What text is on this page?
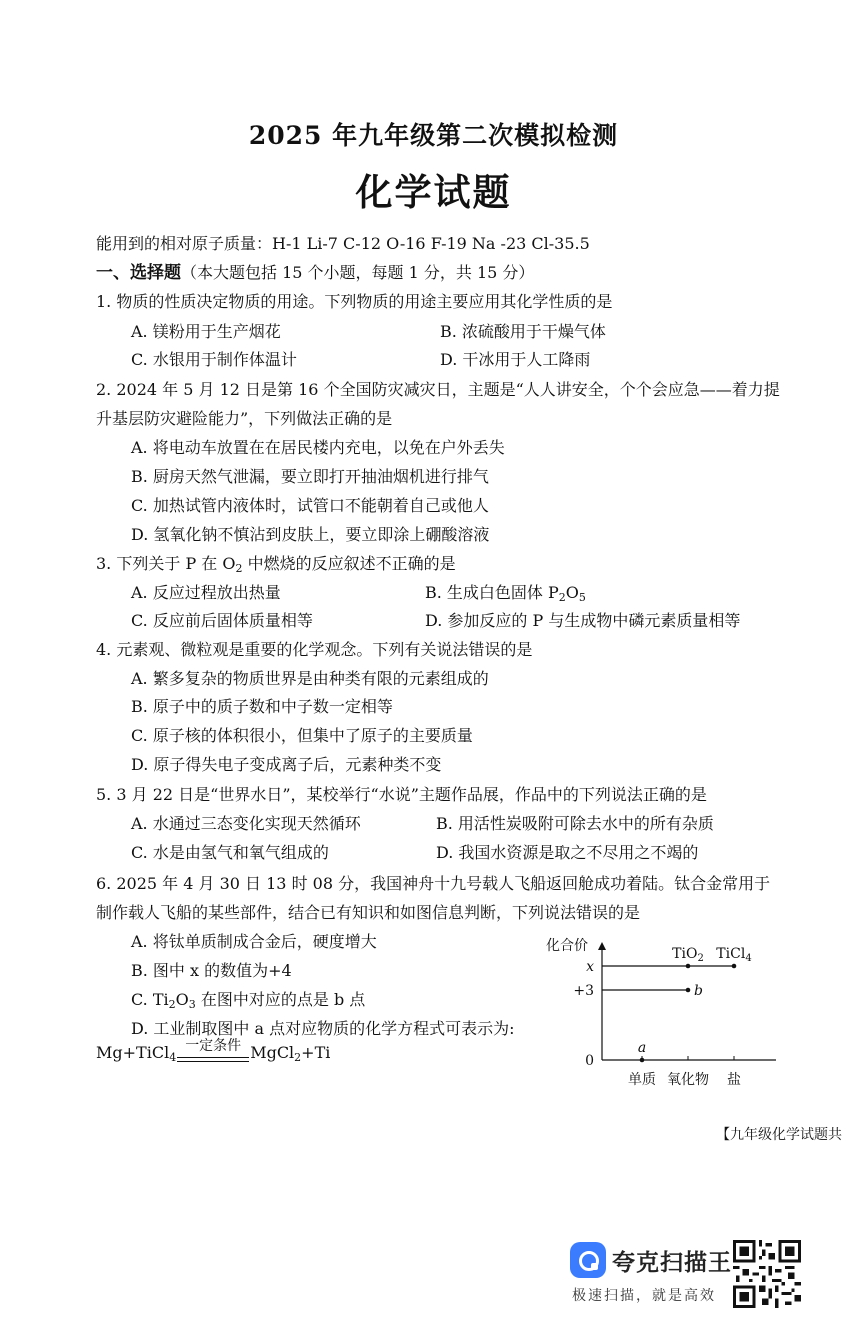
2025 年九年级第二次模拟检测
化学试题
能用到的相对原子质量：H-1 Li-7 C-12 O-16 F-19 Na -23 Cl-35.5
一、选择题（本大题包括 15 个小题，每题 1 分，共 15 分）
1. 物质的性质决定物质的用途。下列物质的用途主要应用其化学性质的是
A. 镁粉用于生产烟花	B. 浓硫酸用于干燥气体
C. 水银用于制作体温计	D. 干冰用于人工降雨
2. 2024 年 5 月 12 日是第 16 个全国防灾减灾日，主题是“人人讲安全，个个会应急——着力提
升基层防灾避险能力”，下列做法正确的是
A. 将电动车放置在在居民楼内充电，以免在户外丢失
B. 厨房天然气泄漏，要立即打开抽油烟机进行排气
C. 加热试管内液体时，试管口不能朝着自己或他人
D. 氢氧化钠不慎沾到皮肤上，要立即涂上硼酸溶液
3. 下列关于 P 在 $O_2$ 中燃烧的反应叙述不正确的是
A. 反应过程放出热量	B. 生成白色固体 $P_2O_5$
C. 反应前后固体质量相等	D. 参加反应的 P 与生成物中磷元素质量相等
4. 元素观、微粒观是重要的化学观念。下列有关说法错误的是
A. 繁多复杂的物质世界是由种类有限的元素组成的
B. 原子中的质子数和中子数一定相等
C. 原子核的体积很小，但集中了原子的主要质量
D. 原子得失电子变成离子后，元素种类不变
5. 3 月 22 日是“世界水日”，某校举行“水说”主题作品展，作品中的下列说法正确的是
A. 水通过三态变化实现天然循环	B. 用活性炭吸附可除去水中的所有杂质
C. 水是由氢气和氧气组成的	D. 我国水资源是取之不尽用之不竭的
6. 2025 年 4 月 30 日 13 时 08 分，我国神舟十九号载人飞船返回舱成功着陆。钛合金常用于
制作载人飞船的某些部件，结合已有知识和如图信息判断，下列说法错误的是
A. 将钛单质制成合金后，硬度增大
B. 图中 x 的数值为+4
C. $Ti_2O_3$ 在图中对应的点是 b 点
D. 工业制取图中 a 点对应物质的化学方程式可表示为:
Mg+TiCl$_4$
一定条件 MgCl$_2$+Ti
化合价
x
+3
0
单质 氧化物 盐
a
b
TiO$_2$ TiCl$_4$
【九年级化学试题共
夸克扫描王
极速扫描，就是高效
